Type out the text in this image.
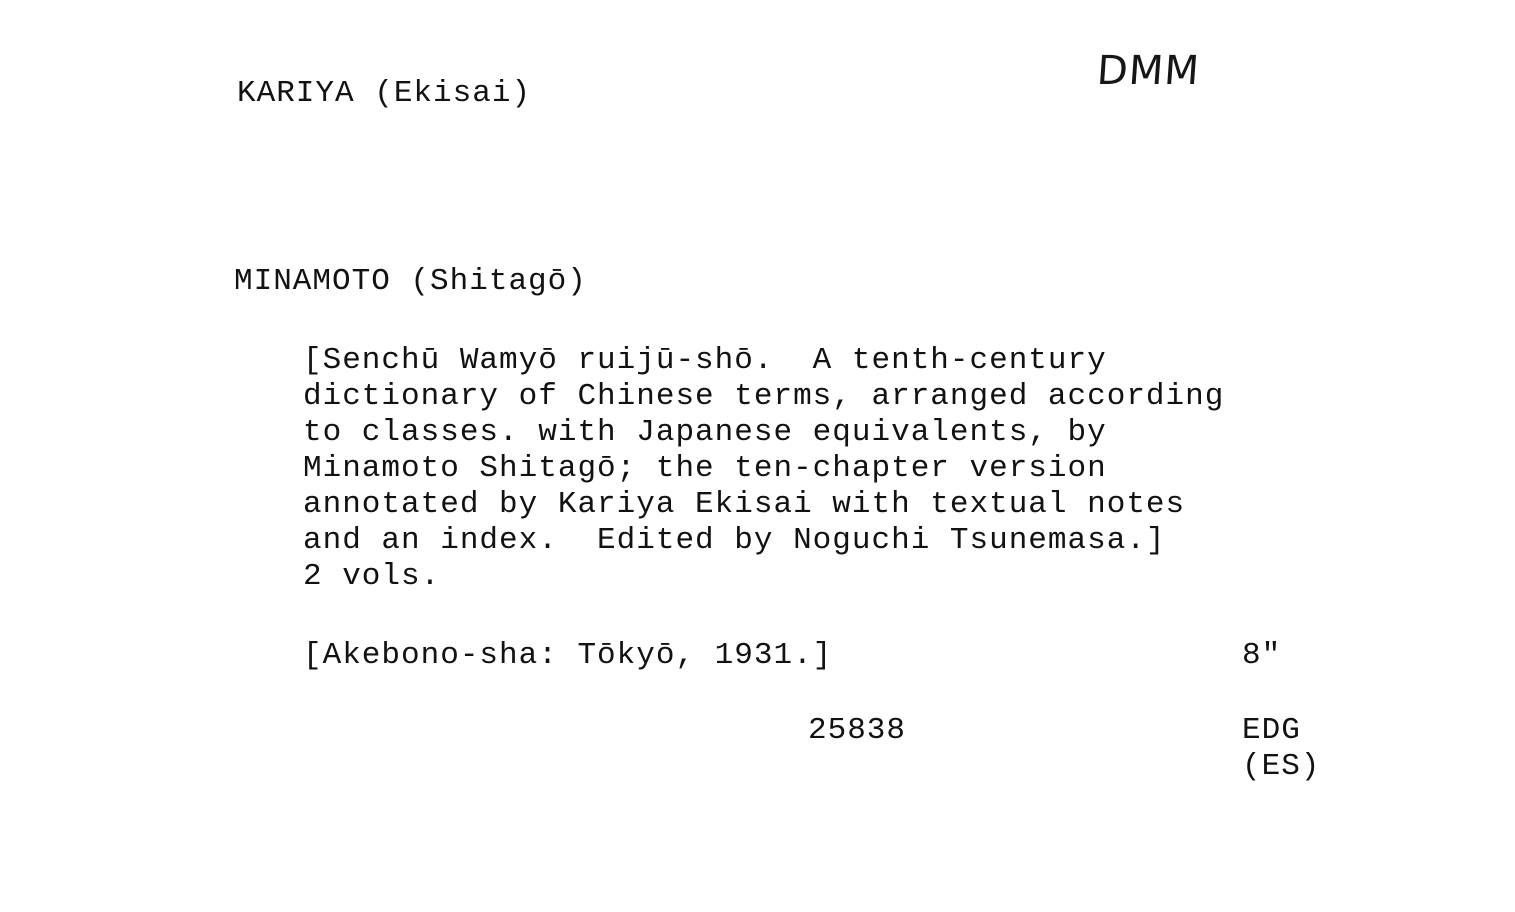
DMM
KARIYA (Ekisai)
MINAMOTO (Shitagō)
[Senchū Wamyō ruijū-shō.  A tenth-century
dictionary of Chinese terms, arranged according
to classes. with Japanese equivalents, by
Minamoto Shitagō; the ten-chapter version
annotated by Kariya Ekisai with textual notes
and an index.  Edited by Noguchi Tsunemasa.]
2 vols.
[Akebono-sha: Tōkyō, 1931.]	8"
25838	EDG
(ES)
